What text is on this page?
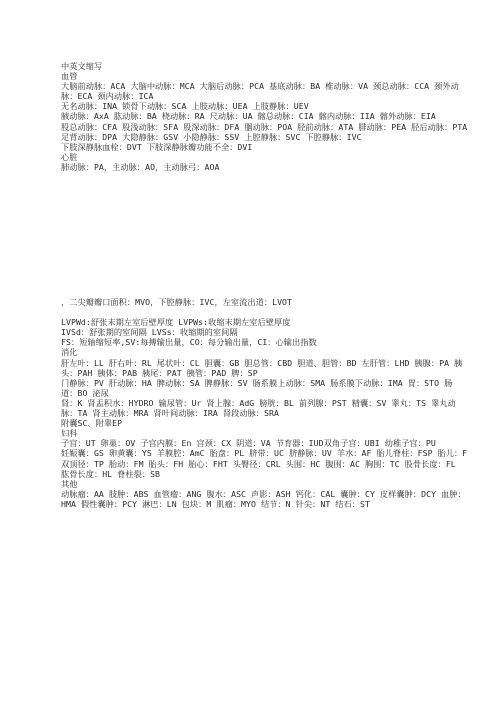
中英文缩写
血管
大脑前动脉：ACA 大脑中动脉：MCA 大脑后动脉：PCA 基底动脉：BA 椎动脉：VA 颈总动脉：CCA 颈外动脉：ECA 颈内动脉：ICA
无名动脉：INA 锁骨下动脉：SCA 上肢动脉：UEA 上肢静脉：UEV
腋动脉：AxA 肱动脉：BA 桡动脉：RA 尺动脉：UA 髂总动脉：CIA 髂内动脉：IIA 髂外动脉：EIA
股总动脉：CFA 股浅动脉：SFA 股深动脉：DFA 腘动脉：POA 胫前动脉：ATA 腓动脉：PEA 胫后动脉：PTA 足背动脉：DPA 大隐静脉：GSV 小隐静脉：SSV 上腔静脉：SVC 下腔静脉：IVC
下肢深静脉血栓：DVT 下肢深静脉瓣功能不全：DVI
心脏
肺动脉：PA，主动脉：AO，主动脉弓：AOA
，二尖瓣瓣口面积：MVO，下腔静脉：IVC，左室流出道：LVOT
LVPWd:舒张末期左室后壁厚度 LVPWs:收缩末期左室后壁厚度
IVSd：舒张期的室间隔 LVSs：收缩期的室间隔
FS：短轴缩短率,SV:每搏输出量，CO：每分输出量，CI：心输出指数
消化
肝左叶：LL 肝右叶：RL 尾状叶：CL 胆囊：GB 胆总管：CBD 胆道、胆管：BD 左肝管：LHD 胰腺：PA 胰头：PAH 胰体：PAB 胰尾：PAT 胰管：PAD 脾：SP
门静脉：PV 肝动脉：HA 脾动脉：SA 脾静脉：SV 肠系膜上动脉：SMA 肠系膜下动脉：IMA 胃：STO 肠道：BO 泌尿
肾：K 肾盂积水：HYDRO 输尿管：Ur 肾上腺：AdG 膀胱：BL 前列腺：PST 精囊：SV 睾丸：TS 睾丸动脉：TA 肾主动脉：MRA 肾叶间动脉：IRA 肾段动脉：SRA
附囊SC、附睾EP
妇科
子宫：UT 卵巢：OV 子宫内膜：En 宫颈：CX 阴道：VA 节育器：IUD双角子宫：UBI 幼稚子宫：PU
妊娠囊：GS 卵黄囊：YS 羊膜腔：AmC 胎盘：PL 脐带：UC 脐静脉：UV 羊水：AF 胎儿脊柱：FSP 胎儿：F 双顶径：TP 胎动：FM 胎头：FH 胎心：FHT 头臀径：CRL 头围：HC 腹围：AC 胸围：TC 股骨长度：FL 肱骨长度：HL 脊柱裂：SB
其他
动脉瘤：AA 肢肿：ABS 血管瘤：ANG 腹水：ASC 声影：ASH 钙化：CAL 囊肿：CY 皮样囊肿：DCY 血肿：HMA 假性囊肿：PCY 淋巴：LN 包块：M 肌瘤：MYO 结节：N 针尖：NT 结石：ST
